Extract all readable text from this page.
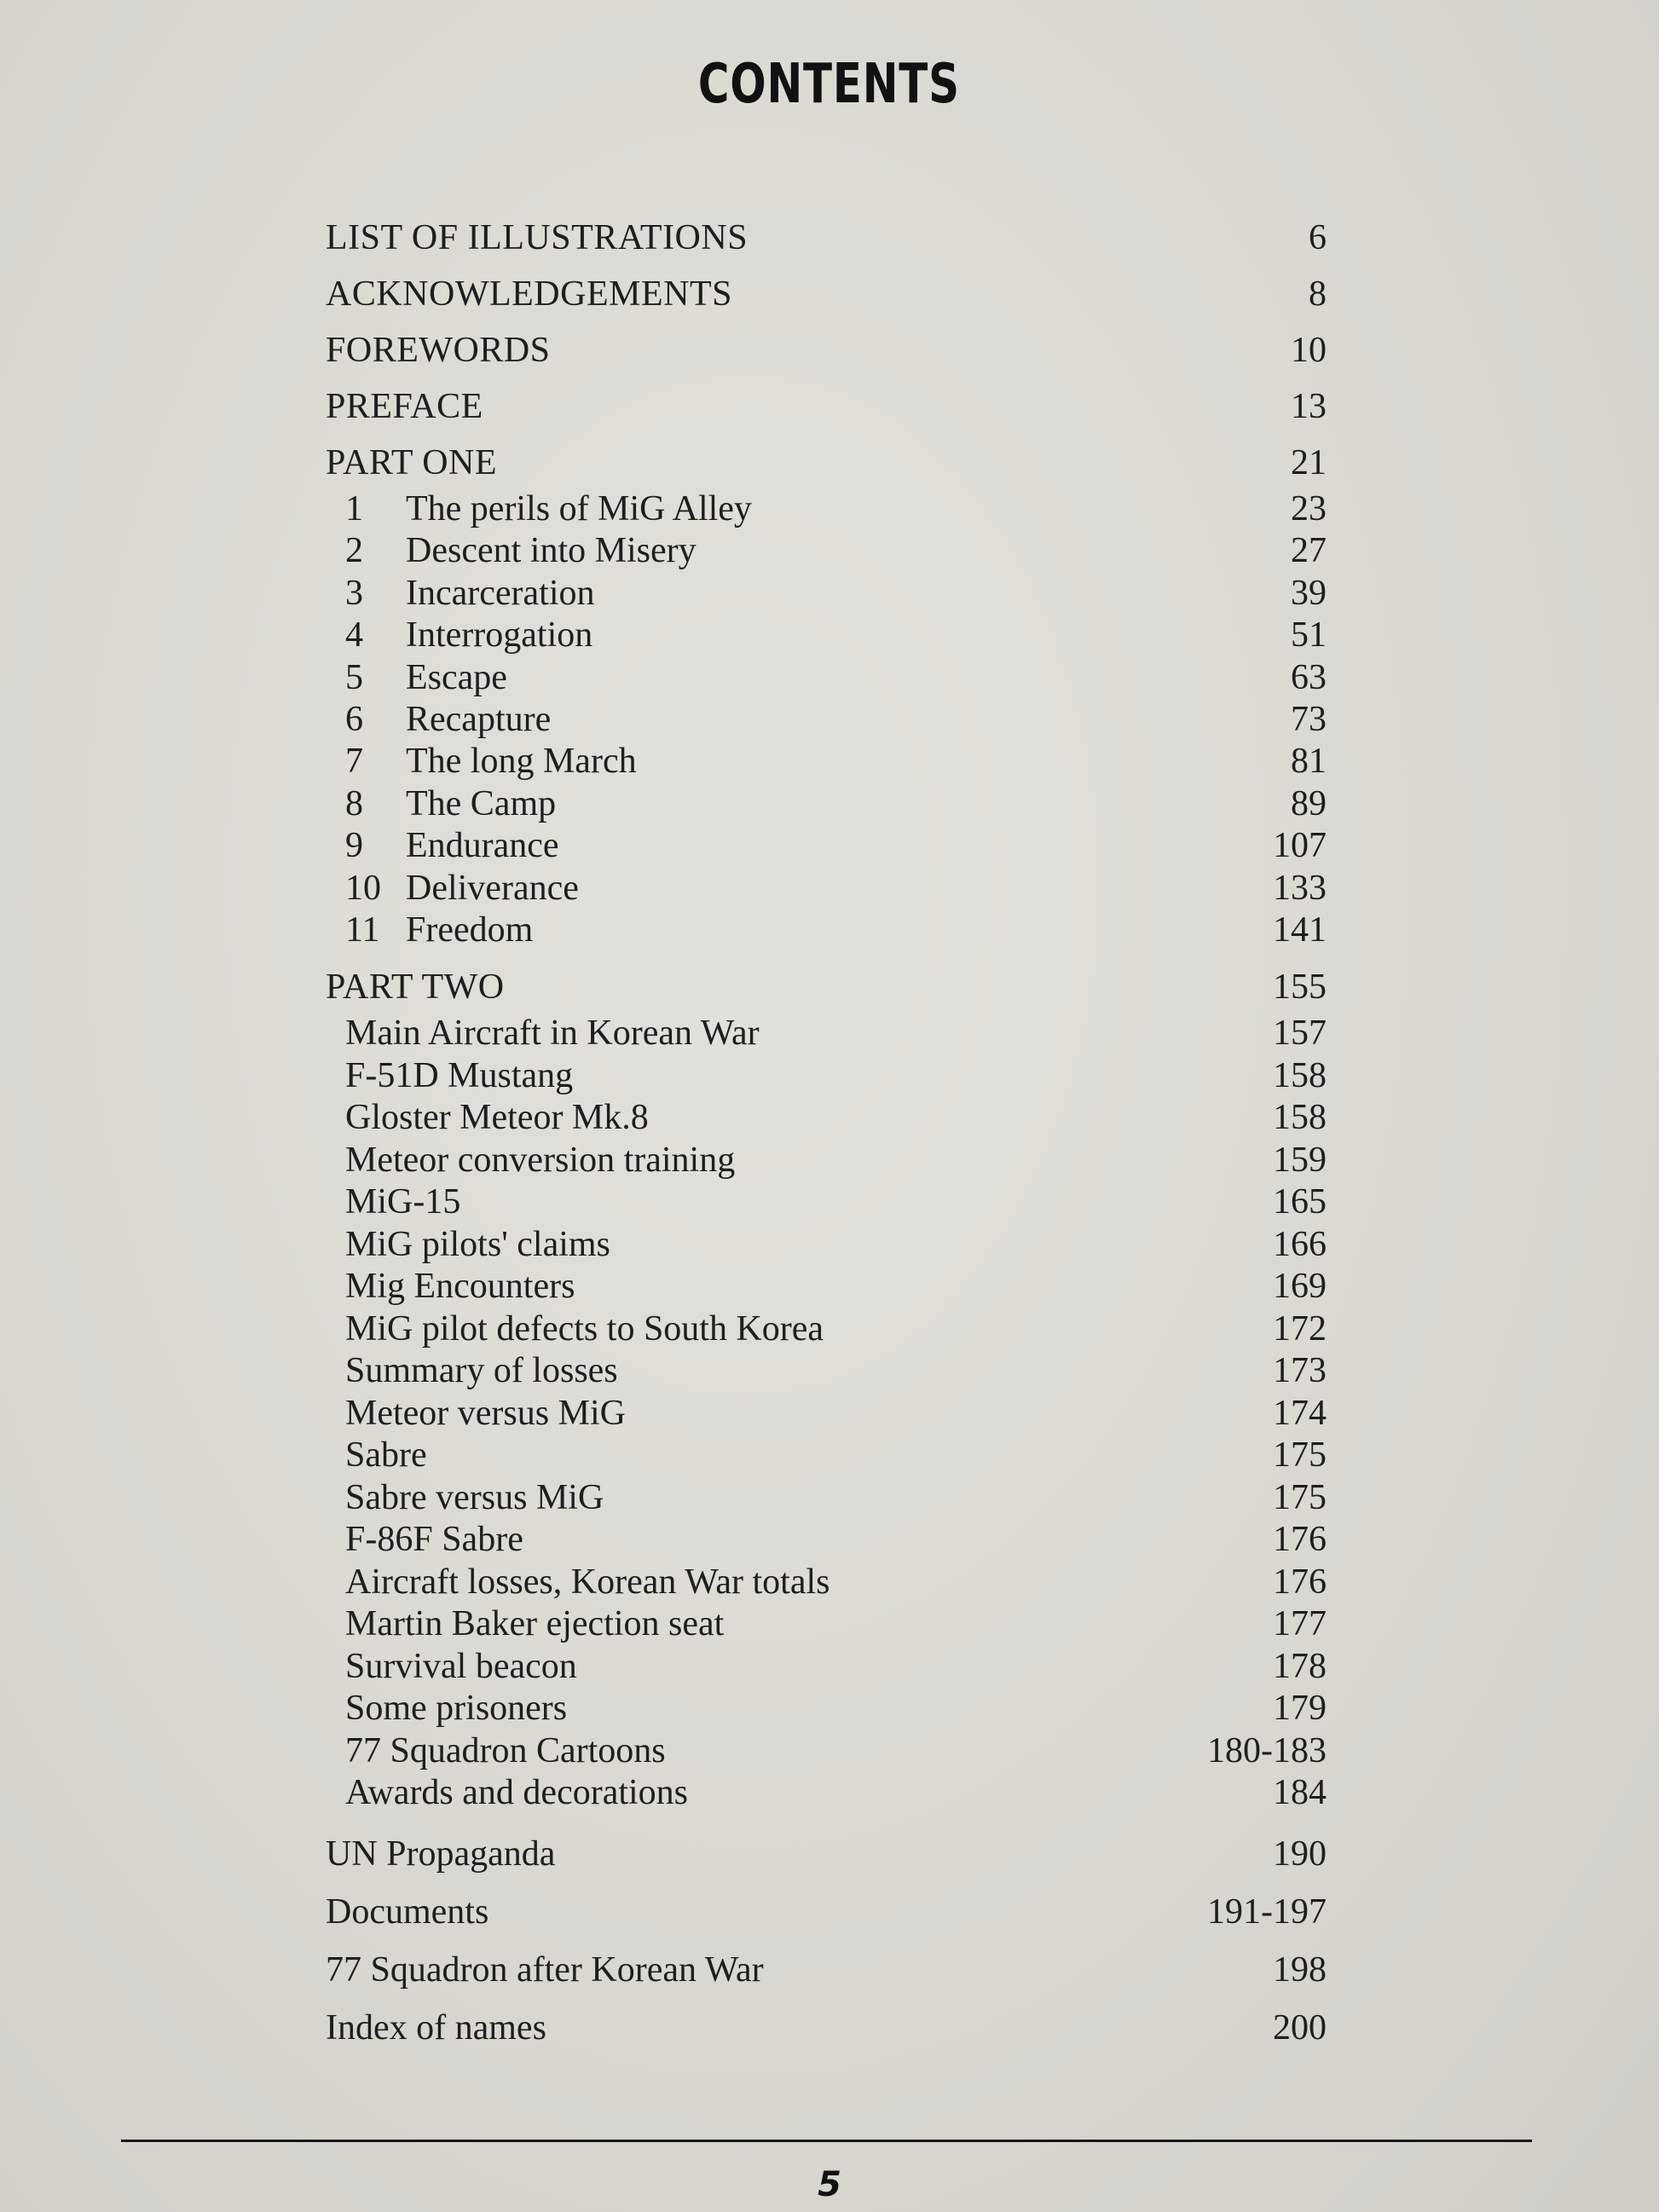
CONTENTS
PART TWO	155
Main Aircraft in Korean War	157
F-51D Mustang	158
Gloster Meteor Mk.8	158
Meteor conversion training	159
MiG-15	165
MiG pilots' claims	166
Mig Encounters	169
MiG pilot defects to South Korea	172
Summary of losses	173
Meteor versus MiG	174
Sabre	175
Sabre versus MiG	175
F-86F Sabre	176
Aircraft losses, Korean War totals	176
Martin Baker ejection seat	177
Survival beacon	178
Some prisoners	179
77 Squadron Cartoons	180-183
Awards and decorations	184
UN Propaganda	190
Documents	191-197
77 Squadron after Korean War	198
Index of names	200
LIST OF ILLUSTRATIONS	6
ACKNOWLEDGEMENTS	8
FOREWORDS	10
PREFACE	13
PART ONE	21
1 The perils of MiG Alley	23
2 Descent into Misery	27
3 Incarceration	39
4 Interrogation	51
5 Escape	63
6 Recapture	73
7 The long March	81
8 The Camp	89
9 Endurance	107
10 Deliverance	133
11 Freedom	141
5
